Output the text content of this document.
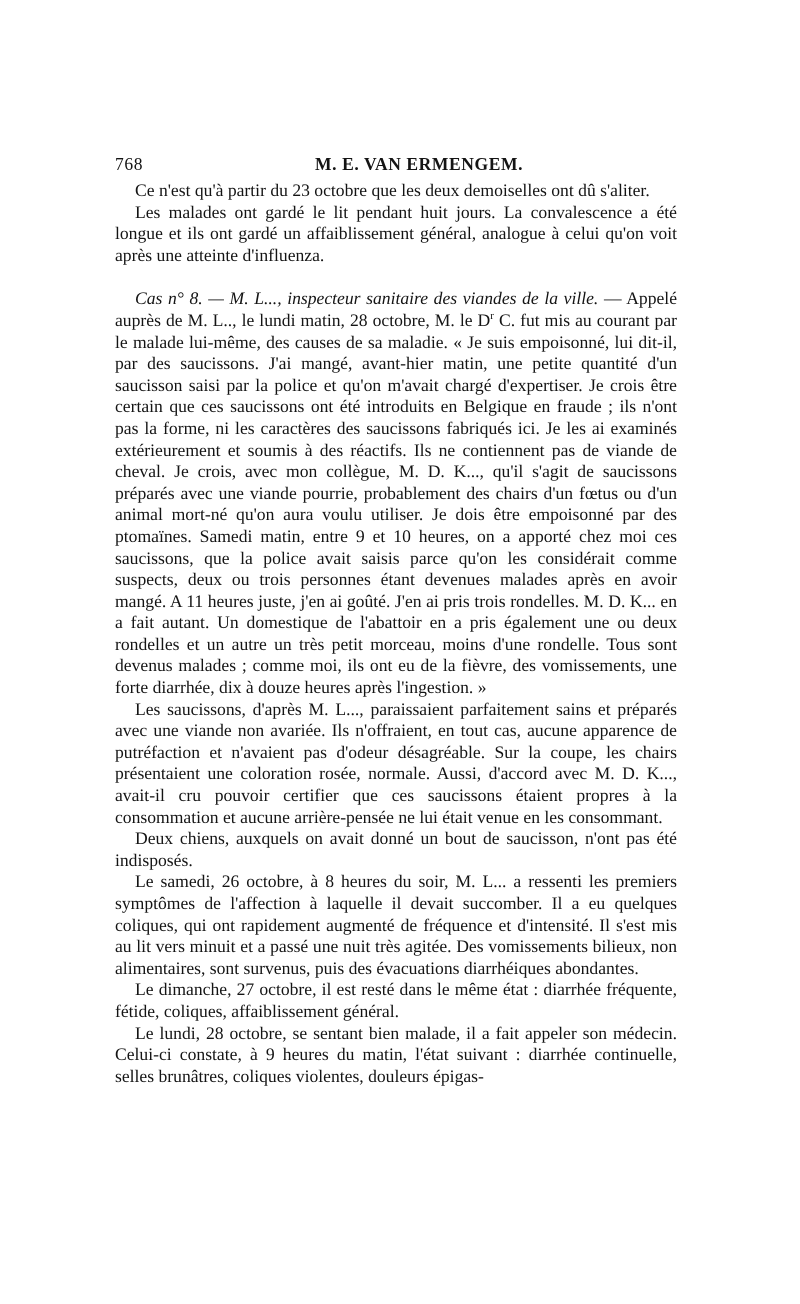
768	M. E. VAN ERMENGEM.

Ce n'est qu'à partir du 23 octobre que les deux demoiselles ont dû s'aliter.

Les malades ont gardé le lit pendant huit jours. La convalescence a été longue et ils ont gardé un affaiblissement général, analogue à celui qu'on voit après une atteinte d'influenza.

Cas n° 8. — M. L..., inspecteur sanitaire des viandes de la ville. — Appelé auprès de M. L.., le lundi matin, 28 octobre, M. le $D^r$ C. fut mis au courant par le malade lui-même, des causes de sa maladie. « Je suis empoisonné, lui dit-il, par des saucissons. J'ai mangé, avant-hier matin, une petite quantité d'un saucisson saisi par la police et qu'on m'avait chargé d'expertiser. Je crois être certain que ces saucissons ont été introduits en Belgique en fraude ; ils n'ont pas la forme, ni les caractères des saucissons fabriqués ici. Je les ai examinés extérieurement et soumis à des réactifs. Ils ne contiennent pas de viande de cheval. Je crois, avec mon collègue, M. D. K..., qu'il s'agit de saucissons préparés avec une viande pourrie, probablement des chairs d'un fœtus ou d'un animal mort-né qu'on aura voulu utiliser. Je dois être empoisonné par des ptomaïnes. Samedi matin, entre 9 et 10 heures, on a apporté chez moi ces saucissons, que la police avait saisis parce qu'on les considérait comme suspects, deux ou trois personnes étant devenues malades après en avoir mangé. A 11 heures juste, j'en ai goûté. J'en ai pris trois rondelles. M. D. K... en a fait autant. Un domestique de l'abattoir en a pris également une ou deux rondelles et un autre un très petit morceau, moins d'une rondelle. Tous sont devenus malades ; comme moi, ils ont eu de la fièvre, des vomissements, une forte diarrhée, dix à douze heures après l'ingestion. »

Les saucissons, d'après M. L..., paraissaient parfaitement sains et préparés avec une viande non avariée. Ils n'offraient, en tout cas, aucune apparence de putréfaction et n'avaient pas d'odeur désagréable. Sur la coupe, les chairs présentaient une coloration rosée, normale. Aussi, d'accord avec M. D. K..., avait-il cru pouvoir certifier que ces saucissons étaient propres à la consommation et aucune arrière-pensée ne lui était venue en les consommant.

Deux chiens, auxquels on avait donné un bout de saucisson, n'ont pas été indisposés.

Le samedi, 26 octobre, à 8 heures du soir, M. L... a ressenti les premiers symptômes de l'affection à laquelle il devait succomber. Il a eu quelques coliques, qui ont rapidement augmenté de fréquence et d'intensité. Il s'est mis au lit vers minuit et a passé une nuit très agitée. Des vomissements bilieux, non alimentaires, sont survenus, puis des évacuations diarrhéiques abondantes.

Le dimanche, 27 octobre, il est resté dans le même état : diarrhée fréquente, fétide, coliques, affaiblissement général.

Le lundi, 28 octobre, se sentant bien malade, il a fait appeler son médecin. Celui-ci constate, à 9 heures du matin, l'état suivant : diarrhée continuelle, selles brunâtres, coliques violentes, douleurs épigas-
